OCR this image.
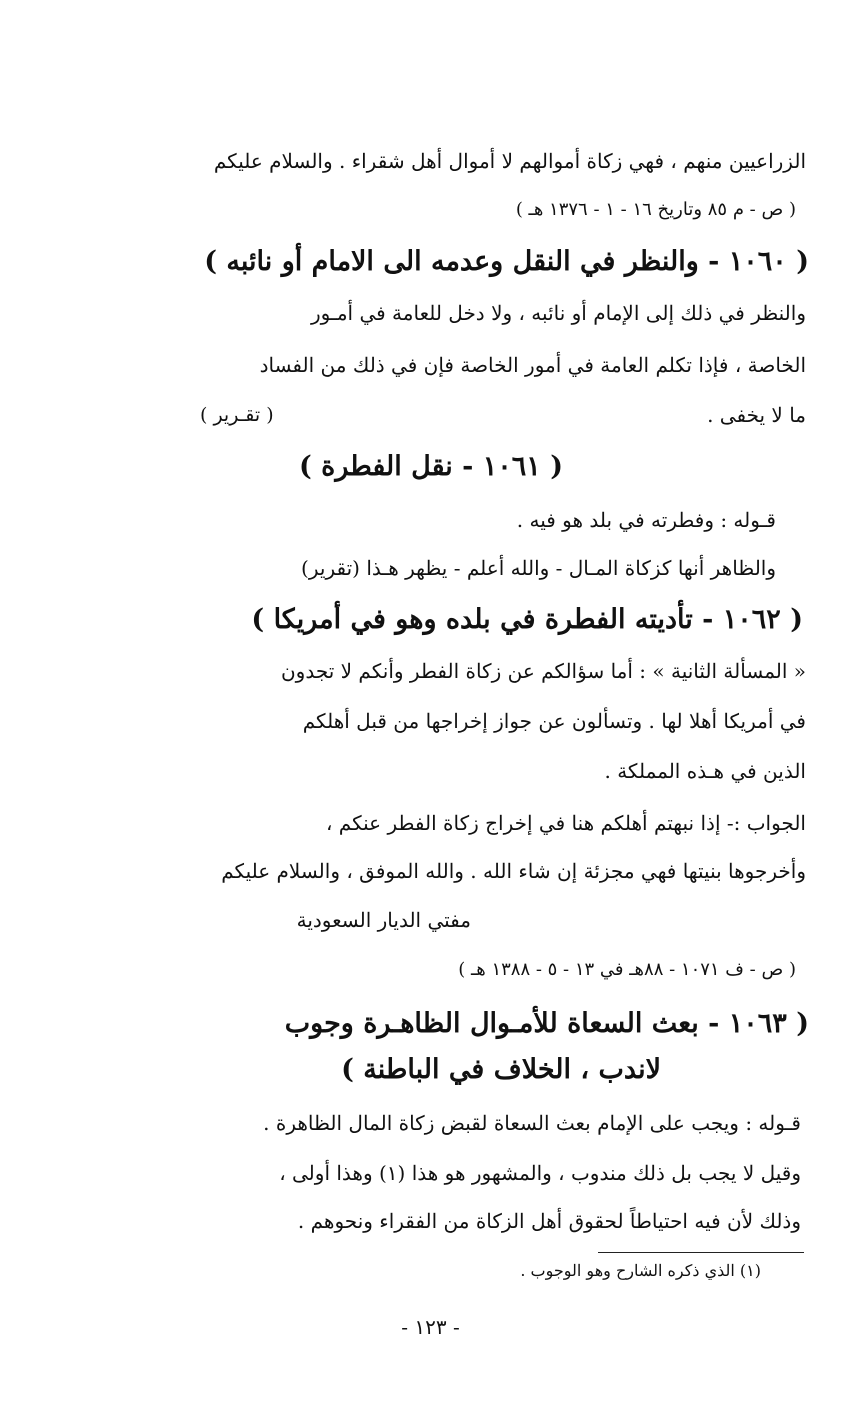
الزراعيين منهم ، فهي زكاة أموالهم لا أموال أهل شقراء . والسلام عليكم
( ص - م ٨٥ وتاريخ ١٦ - ١ - ١٣٧٦ هـ )
( ١٠٦٠ - والنظر في النقل وعدمه الى الامام أو نائبه )
والنظر في ذلك إلى الإمام أو نائبه ، ولا دخل للعامة في أمـور
الخاصة ، فإذا تكلم العامة في أمور الخاصة فإن في ذلك من الفساد
ما لا يخفى .
( تقـرير )
( ١٠٦١ - نقل الفطرة )
قـوله : وفطرته في بلد هو فيه .
والظاهر أنها كزكاة المـال - والله أعلم - يظهر هـذا (تقرير)
( ١٠٦٢ - تأديته الفطرة في بلده وهو في أمريكا )
« المسألة الثانية » : أما سؤالكم عن زكاة الفطر وأنكم لا تجدون
في أمريكا أهلا لها . وتسألون عن جواز إخراجها من قبل أهلكم
الذين في هـذه المملكة .
الجواب :- إذا نبهتم أهلكم هنا في إخراج زكاة الفطر عنكم ،
وأخرجوها بنيتها فهي مجزئة إن شاء الله . والله الموفق ، والسلام عليكم
مفتي الديار السعودية
( ص - ف ١٠٧١ - ٨٨هـ في ١٣ - ٥ - ١٣٨٨ هـ )
( ١٠٦٣ - بعث السعاة للأمـوال الظاهـرة وجوب
لاندب ، الخلاف في الباطنة )
قـوله : ويجب على الإمام بعث السعاة لقبض زكاة المال الظاهرة .
وقيل لا يجب بل ذلك مندوب ، والمشهور هو هذا (١) وهذا أولى ،
وذلك لأن فيه احتياطاً لحقوق أهل الزكاة من الفقراء ونحوهم .
(١) الذي ذكره الشارح وهو الوجوب .
- ١٢٣ -
